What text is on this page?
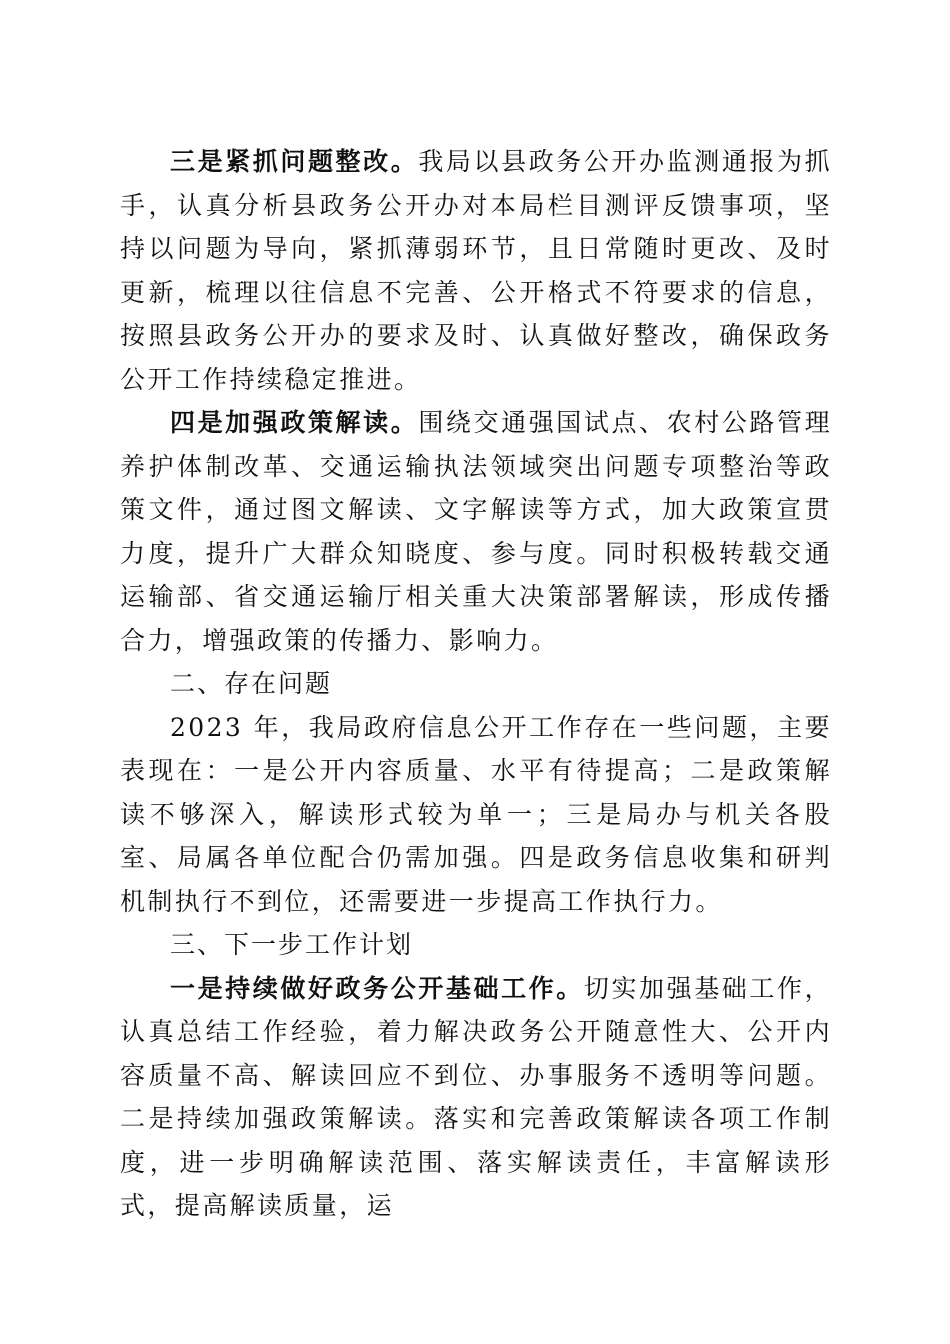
三是紧抓问题整改。我局以县政务公开办监测通报为抓手，认真分析县政务公开办对本局栏目测评反馈事项，坚持以问题为导向，紧抓薄弱环节，且日常随时更改、及时更新，梳理以往信息不完善、公开格式不符要求的信息，按照县政务公开办的要求及时、认真做好整改，确保政务公开工作持续稳定推进。

四是加强政策解读。围绕交通强国试点、农村公路管理养护体制改革、交通运输执法领域突出问题专项整治等政策文件，通过图文解读、文字解读等方式，加大政策宣贯力度，提升广大群众知晓度、参与度。同时积极转载交通运输部、省交通运输厅相关重大决策部署解读，形成传播合力，增强政策的传播力、影响力。

二、存在问题

2023 年，我局政府信息公开工作存在一些问题，主要表现在：一是公开内容质量、水平有待提高；二是政策解读不够深入，解读形式较为单一；三是局办与机关各股室、局属各单位配合仍需加强。四是政务信息收集和研判机制执行不到位，还需要进一步提高工作执行力。

三、下一步工作计划

一是持续做好政务公开基础工作。切实加强基础工作，认真总结工作经验，着力解决政务公开随意性大、公开内容质量不高、解读回应不到位、办事服务不透明等问题。二是持续加强政策解读。落实和完善政策解读各项工作制度，进一步明确解读范围、落实解读责任，丰富解读形式，提高解读质量，运
